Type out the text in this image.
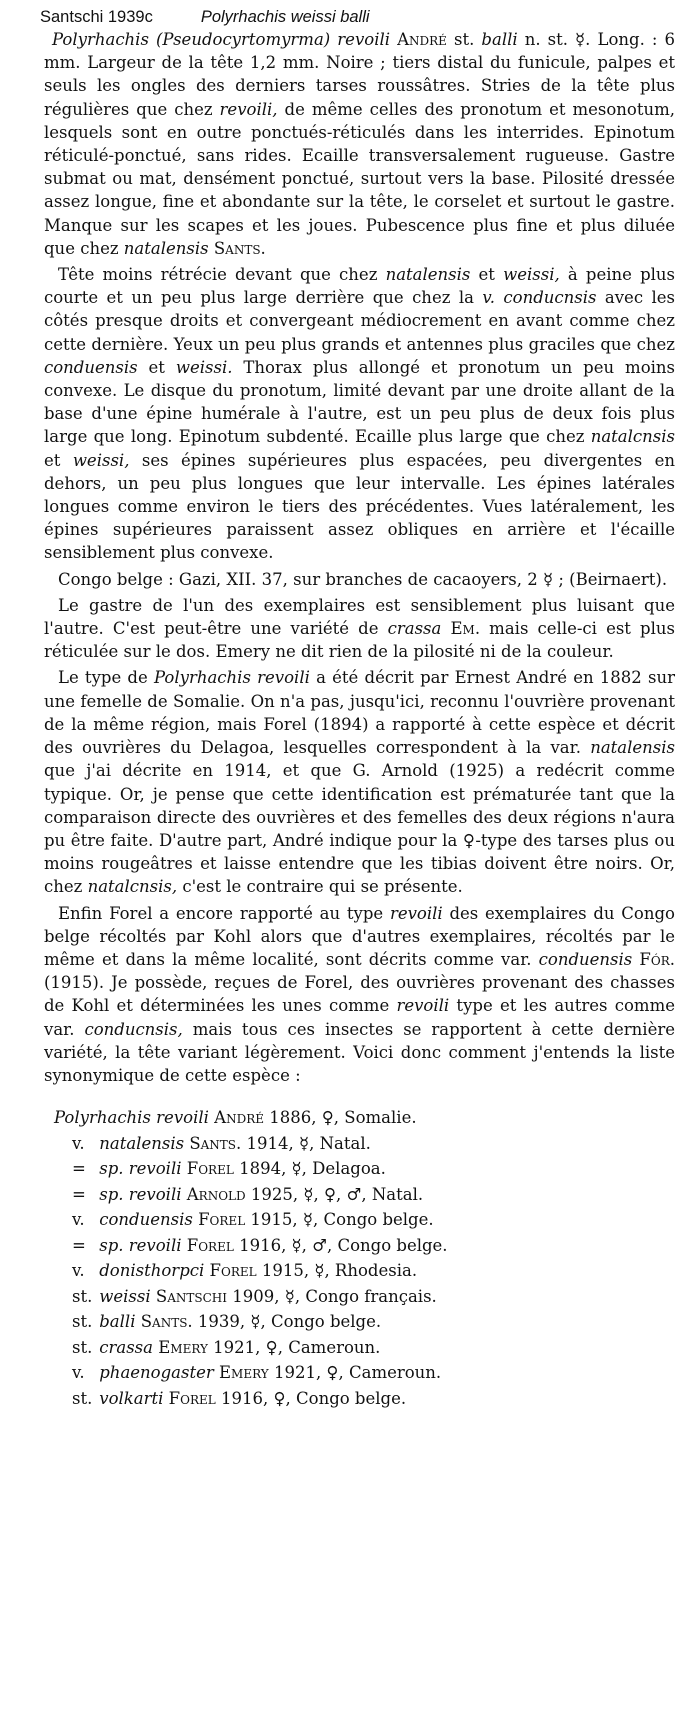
Santschi 1939c	Polyrhachis weissi balli

Polyrhachis (Pseudocyrtomyrma) revoili André st. balli n. st. ☿. Long. : 6 mm. Largeur de la tête 1,2 mm. Noire ; tiers distal du funicule, palpes et seuls les ongles des derniers tarses roussâtres. Stries de la tête plus régulières que chez revoili, de même celles des pronotum et mesonotum, lesquels sont en outre ponctués-réticulés dans les interrides. Epinotum réticulé-ponctué, sans rides. Ecaille transversalement rugueuse. Gastre submat ou mat, densément ponctué, surtout vers la base. Pilosité dressée assez longue, fine et abondante sur la tête, le corselet et surtout le gastre. Manque sur les scapes et les joues. Pubescence plus fine et plus diluée que chez natalensis Sants.

Tête moins rétrécie devant que chez natalensis et weissi, à peine plus courte et un peu plus large derrière que chez la v. conducnsis avec les côtés presque droits et convergeant médiocrement en avant comme chez cette dernière. Yeux un peu plus grands et antennes plus graciles que chez conduensis et weissi. Thorax plus allongé et pronotum un peu moins convexe. Le disque du pronotum, limité devant par une droite allant de la base d'une épine humérale à l'autre, est un peu plus de deux fois plus large que long. Epinotum subdenté. Ecaille plus large que chez natalcnsis et weissi, ses épines supérieures plus espacées, peu divergentes en dehors, un peu plus longues que leur intervalle. Les épines latérales longues comme environ le tiers des précédentes. Vues latéralement, les épines supérieures paraissent assez obliques en arrière et l'écaille sensiblement plus convexe.

Congo belge : Gazi, XII. 37, sur branches de cacaoyers, 2 ☿ ; (Beirnaert).

Le gastre de l'un des exemplaires est sensiblement plus luisant que l'autre. C'est peut-être une variété de crassa Em. mais celle-ci est plus réticulée sur le dos. Emery ne dit rien de la pilosité ni de la couleur.

Le type de Polyrhachis revoili a été décrit par Ernest André en 1882 sur une femelle de Somalie. On n'a pas, jusqu'ici, reconnu l'ouvrière provenant de la même région, mais Forel (1894) a rapporté à cette espèce et décrit des ouvrières du Delagoa, lesquelles correspondent à la var. natalensis que j'ai décrite en 1914, et que G. Arnold (1925) a redécrit comme typique. Or, je pense que cette identification est prématurée tant que la comparaison directe des ouvrières et des femelles des deux régions n'aura pu être faite. D'autre part, André indique pour la ♀-type des tarses plus ou moins rougeâtres et laisse entendre que les tibias doivent être noirs. Or, chez natalcnsis, c'est le contraire qui se présente.

Enfin Forel a encore rapporté au type revoili des exemplaires du Congo belge récoltés par Kohl alors que d'autres exemplaires, récoltés par le même et dans la même localité, sont décrits comme var. conduensis Fór. (1915). Je possède, reçues de Forel, des ouvrières provenant des chasses de Kohl et déterminées les unes comme revoili type et les autres comme var. conducnsis, mais tous ces insectes se rapportent à cette dernière variété, la tête variant légèrement. Voici donc comment j'entends la liste synonymique de cette espèce :

Polyrhachis revoili André 1886, ♀, Somalie.
v. natalensis Sants. 1914, ☿, Natal.
= sp. revoili Forel 1894, ☿, Delagoa.
= sp. revoili Arnold 1925, ☿, ♀, ♂, Natal.
v. conduensis Forel 1915, ☿, Congo belge.
= sp. revoili Forel 1916, ☿, ♂, Congo belge.
v. donisthorpci Forel 1915, ☿, Rhodesia.
st. weissi Santschi 1909, ☿, Congo français.
st. balli Sants. 1939, ☿, Congo belge.
st. crassa Emery 1921, ♀, Cameroun.
v. phaenogaster Emery 1921, ♀, Cameroun.
st. volkarti Forel 1916, ♀, Congo belge.
